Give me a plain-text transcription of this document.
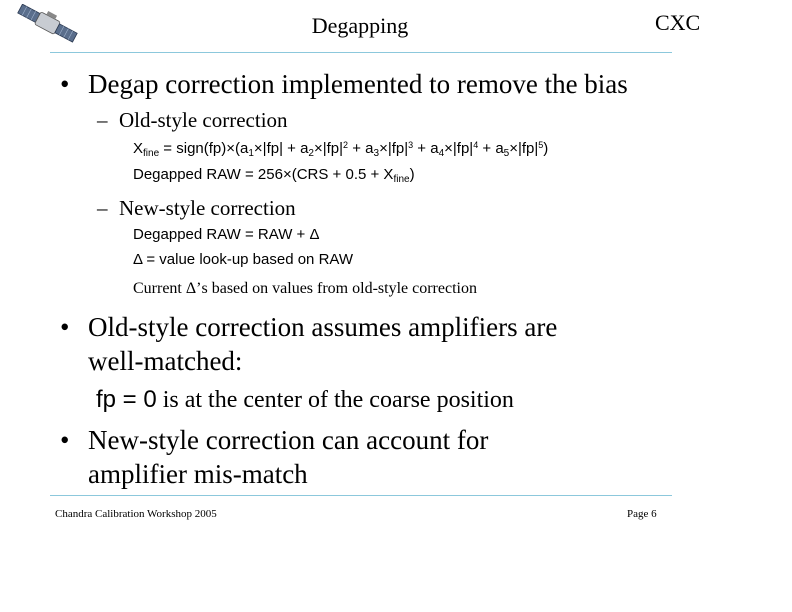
Degapping	CXC
• Degap correction implemented to remove the bias
– Old-style correction
$X_{fine}$ = $sign(fp)\times(a_1\times|fp| + a_2\times|fp|^2 + a_3\times|fp|^3 + a_4\times|fp|^4 + a_5\times|fp|^5)$
Degapped RAW = $256\times(CRS + 0.5 + X_{fine})$
– New-style correction
Degapped RAW = RAW + Δ
Δ = value look-up based on RAW
Current Δ’s based on values from old-style correction
• Old-style correction assumes amplifiers are
well-matched:
fp = 0 is at the center of the coarse position
• New-style correction can account for
amplifier mis-match
Chandra Calibration Workshop 2005	Page 6
